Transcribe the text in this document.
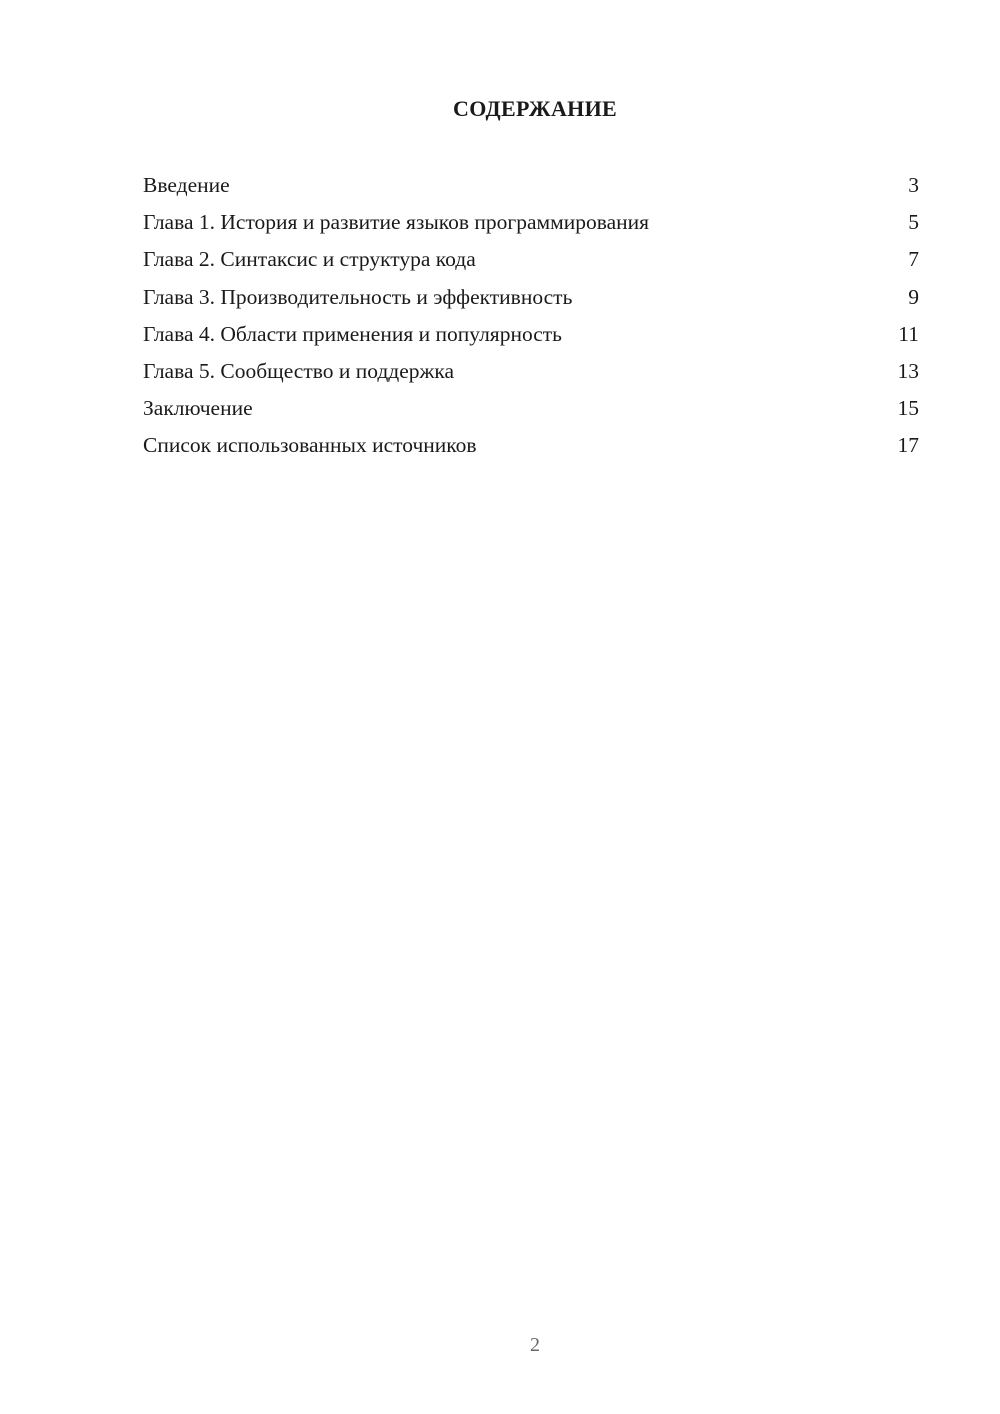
СОДЕРЖАНИЕ
Введение	3
Глава 1. История и развитие языков программирования	5
Глава 2. Синтаксис и структура кода	7
Глава 3. Производительность и эффективность	9
Глава 4. Области применения и популярность	11
Глава 5. Сообщество и поддержка	13
Заключение	15
Список использованных источников	17
2
